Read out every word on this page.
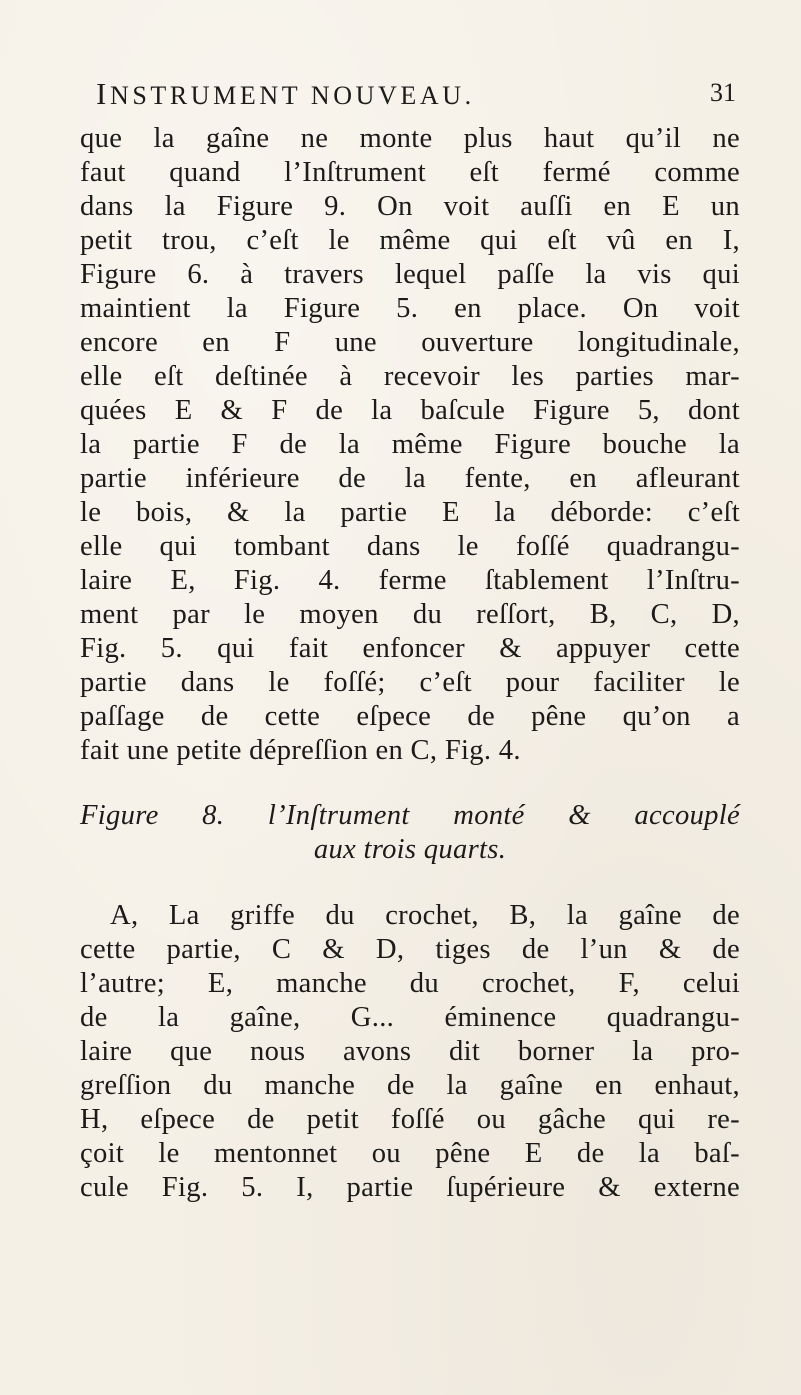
INSTRUMENT NOUVEAU.	31
que la gaîne ne monte plus haut qu’il ne
faut quand l’Inſtrument eſt fermé comme
dans la Figure 9. On voit auſſi en E un
petit trou, c’eſt le même qui eſt vû en I,
Figure 6. à travers lequel paſſe la vis qui
maintient la Figure 5. en place. On voit
encore en F une ouverture longitudinale,
elle eſt deſtinée à recevoir les parties mar-
quées E & F de la baſcule Figure 5, dont
la partie F de la même Figure bouche la
partie inférieure de la fente, en afleurant
le bois, & la partie E la déborde: c’eſt
elle qui tombant dans le foſſé quadrangu-
laire E, Fig. 4. ferme ſtablement l’Inſtru-
ment par le moyen du reſſort, B, C, D,
Fig. 5. qui fait enfoncer & appuyer cette
partie dans le foſſé; c’eſt pour faciliter le
paſſage de cette eſpece de pêne qu’on a
fait une petite dépreſſion en C, Fig. 4.
Figure 8. l’Inſtrument monté & accouplé
aux trois quarts.
A, La griffe du crochet, B, la gaîne de
cette partie, C & D, tiges de l’un & de
l’autre; E, manche du crochet, F, celui
de la gaîne, G... éminence quadrangu-
laire que nous avons dit borner la pro-
greſſion du manche de la gaîne en enhaut,
H, eſpece de petit foſſé ou gâche qui re-
çoit le mentonnet ou pêne E de la baſ-
cule Fig. 5. I, partie ſupérieure & externe
